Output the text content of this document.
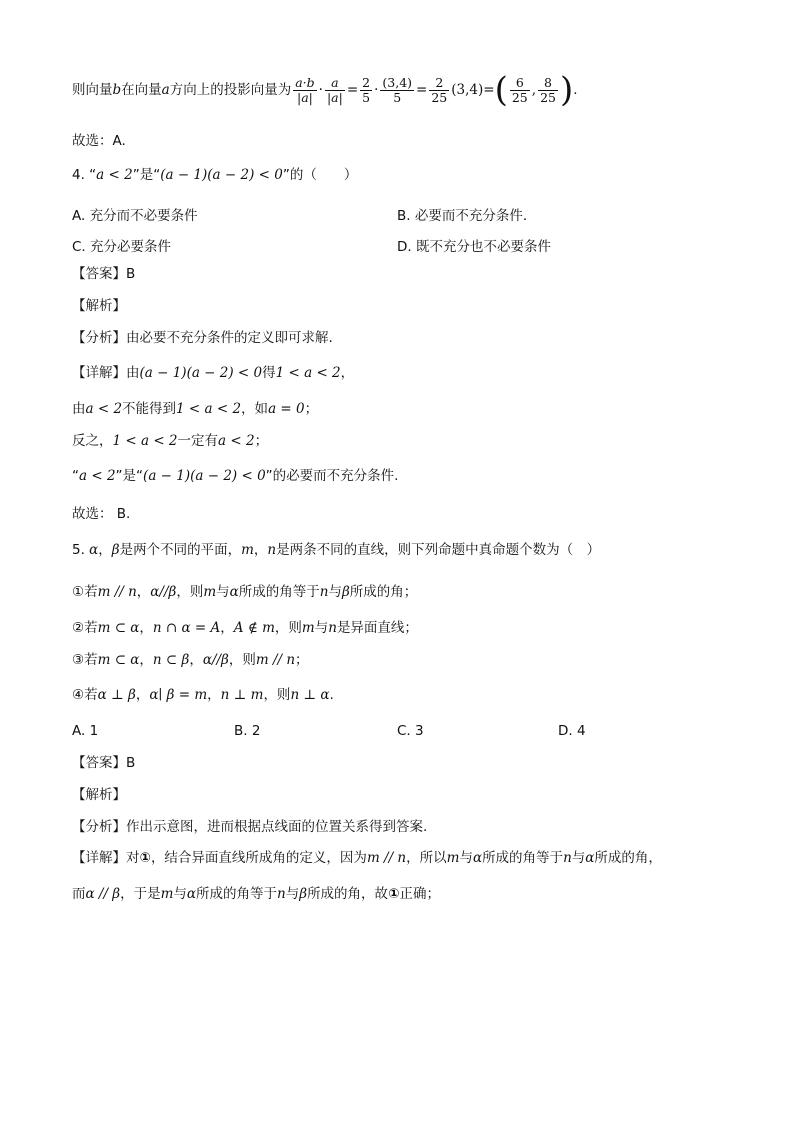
则向量b在向量a方向上的投影向量为 $\frac{a\cdot b}{|a|} \cdot \frac{a}{|a|} = \frac{2}{5} \cdot \frac{(3,4)}{5} = \frac{2}{25} (3,4)=( \frac{6}{25}$ , $\frac{8}{25}$ ).
故选：A.
4. “a < 2”是“(a − 1)(a − 2) < 0”的（　　）
A. 充分而不必要条件	B. 必要而不充分条件．
C. 充分必要条件	D. 既不充分也不必要条件
【答案】B
【解析】
【分析】由必要不充分条件的定义即可求解.
【详解】由(a − 1)(a − 2) < 0得1 < a < 2，
由a < 2不能得到1 < a < 2，如a = 0；
反之，1 < a < 2一定有a < 2；
“a < 2”是“(a − 1)(a − 2) < 0”的必要而不充分条件.
故选： B.
5. α，β是两个不同的平面，m，n是两条不同的直线，则下列命题中真命题个数为（　）
①若m // n，α//β，则m与α所成的角等于n与β所成的角；
②若m ⊂ α，n ∩ α = A，A ∉ m，则m与n是异面直线；
③若m ⊂ α，n ⊂ β，α//β，则m // n；
④若α ⊥ β，α∣ β = m，n ⊥ m，则n ⊥ α.
A. 1	B. 2	C. 3	D. 4
【答案】B
【解析】
【分析】作出示意图，进而根据点线面的位置关系得到答案.
【详解】对①，结合异面直线所成角的定义，因为m // n，所以m与α所成的角等于n与α所成的角，
而α // β，于是m与α所成的角等于n与β所成的角，故①正确；
